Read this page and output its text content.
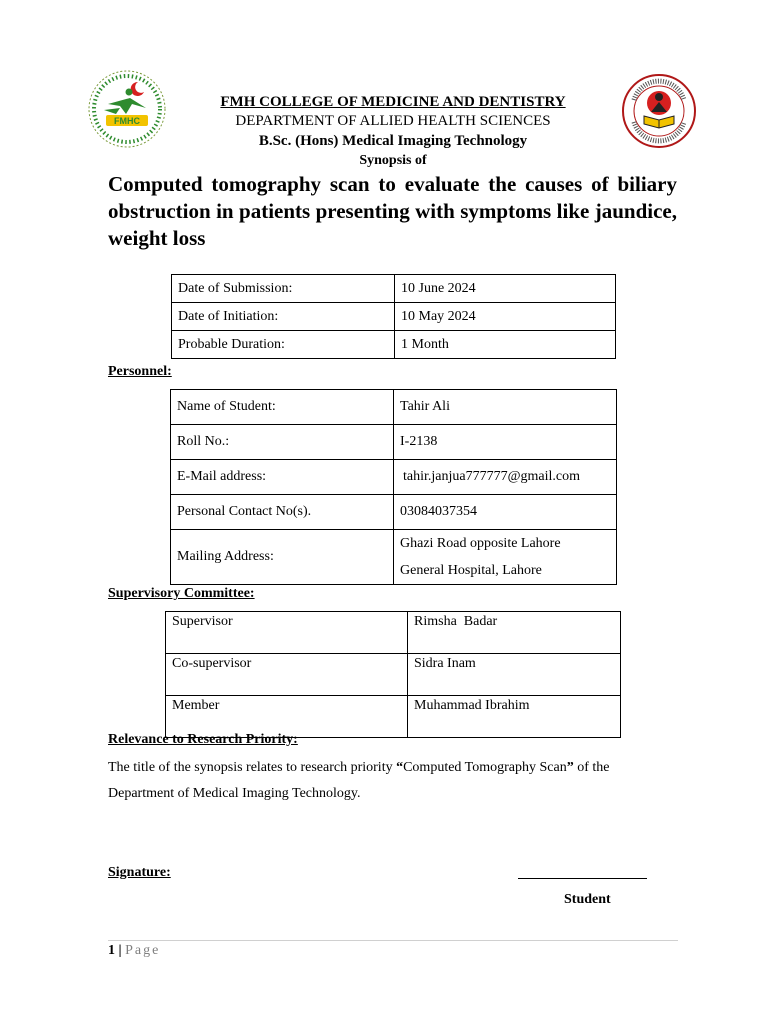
FMHC
FMH COLLEGE OF MEDICINE AND DENTISTRY
DEPARTMENT OF ALLIED HEALTH SCIENCES
B.Sc. (Hons) Medical Imaging Technology
Synopsis of
Computed tomography scan to evaluate the causes of biliary obstruction in patients presenting with symptoms like jaundice, weight loss
Date of Submission:	10 June 2024
Date of Initiation:	10 May 2024
Probable Duration:	1 Month
Personnel:
Name of Student:	Tahir Ali
Roll No.:	I-2138
E-Mail address:	tahir.janjua777777@gmail.com
Personal Contact No(s).	03084037354
Mailing Address:	Ghazi Road opposite Lahore
General Hospital, Lahore
Supervisory Committee:
Supervisor	Rimsha  Badar
Co-supervisor	Sidra Inam
Member	Muhammad Ibrahim
Relevance to Research Priority:
The title of the synopsis relates to research priority “Computed Tomography Scan” of the Department of Medical Imaging Technology.
Signature:
Student
1 | Page
